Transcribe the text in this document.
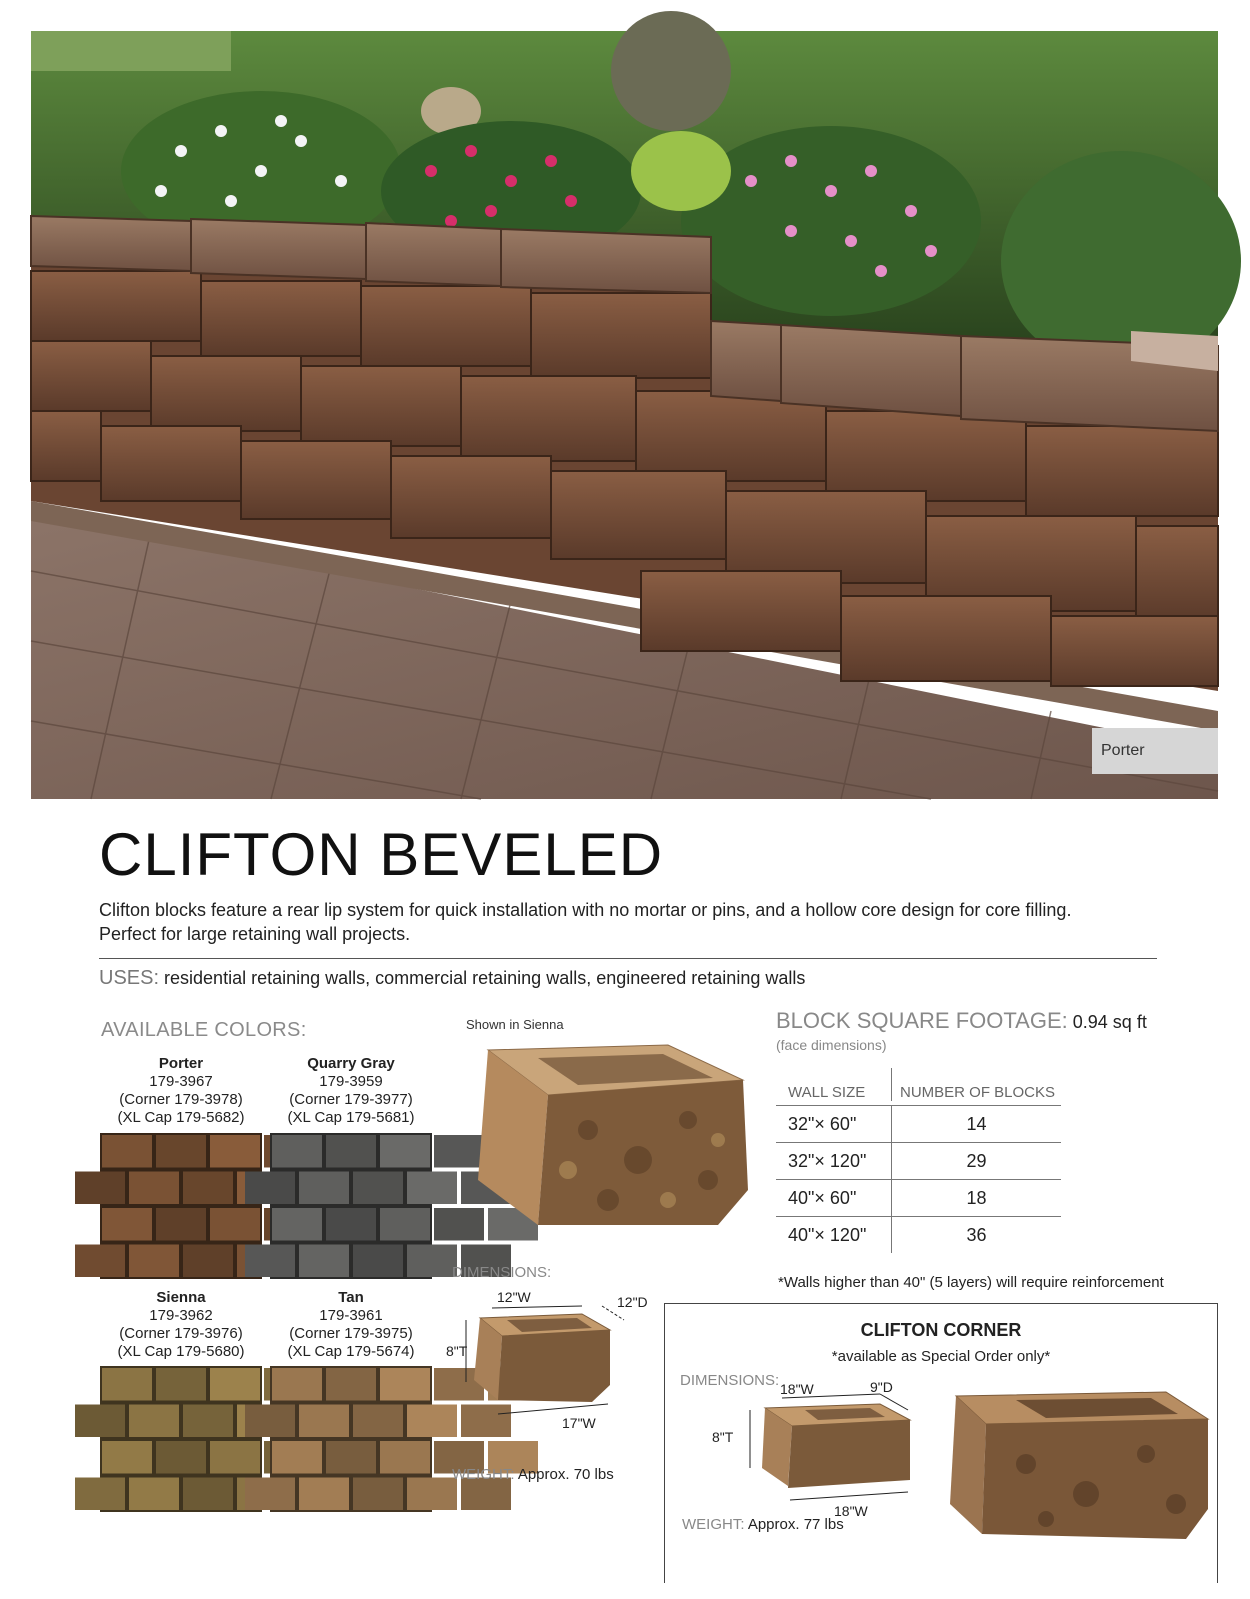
Porter
CLIFTON BEVELED
Clifton blocks feature a rear lip system for quick installation with no mortar or pins, and a hollow core design for core filling. Perfect for large retaining wall projects.
USES: residential retaining walls, commercial retaining walls, engineered retaining walls
AVAILABLE COLORS:
Porter
179-3967
(Corner 179-3978)
(XL Cap 179-5682)
Quarry Gray
179-3959
(Corner 179-3977)
(XL Cap 179-5681)
Sienna
179-3962
(Corner 179-3976)
(XL Cap 179-5680)
Tan
179-3961
(Corner 179-3975)
(XL Cap 179-5674)
Shown in Sienna
DIMENSIONS:
12"W	12"D
8"T
17"W
WEIGHT: Approx. 70 lbs
BLOCK SQUARE FOOTAGE: 0.94 sq ft
(face dimensions)
WALL SIZE	NUMBER OF BLOCKS
32"× 60"	14
32"× 120"	29
40"× 60"	18
40"× 120"	36
*Walls higher than 40" (5 layers) will require reinforcement
CLIFTON CORNER
*available as Special Order only*
DIMENSIONS: 18"W	9"D
8"T
18"W
WEIGHT: Approx. 77 lbs
